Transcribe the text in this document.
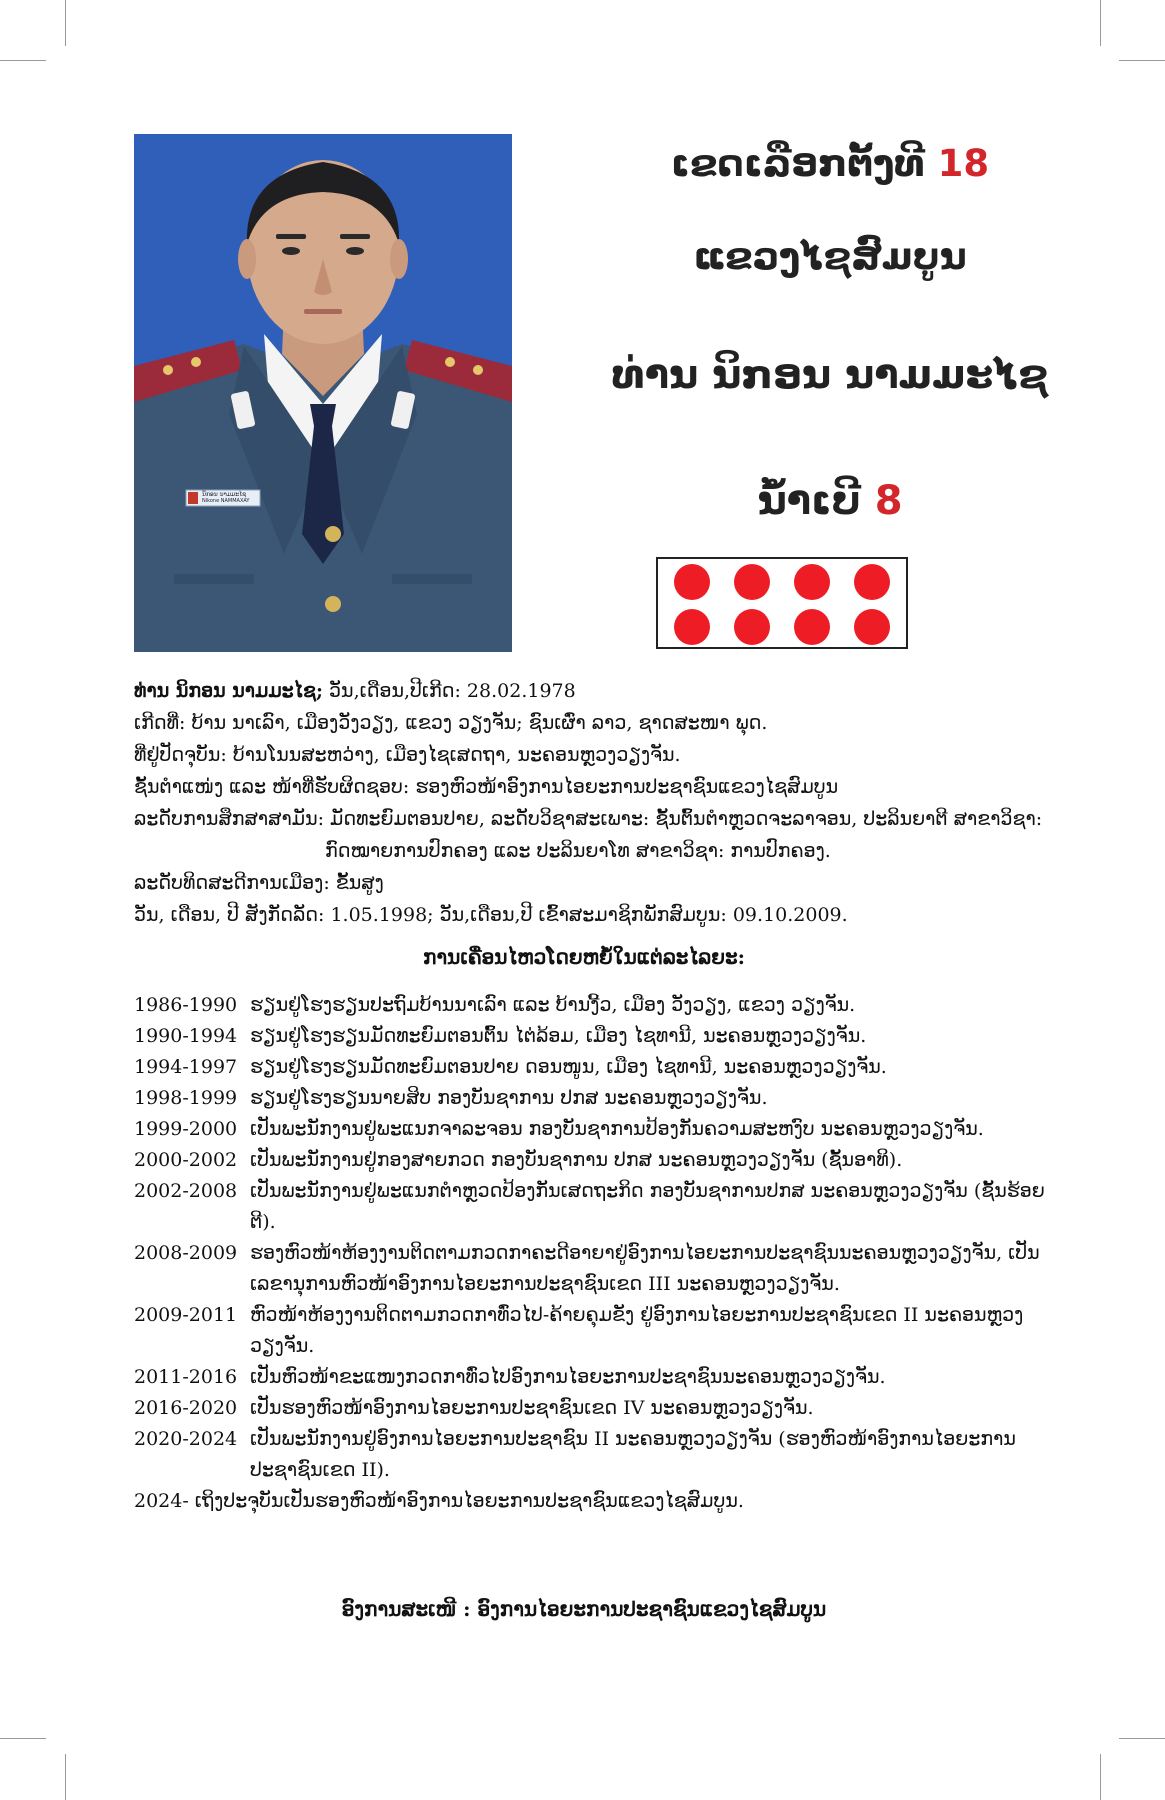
ນິກອນ ນາມມະໄຊ
Nikone NAMMAXAY
ເຂດເລືອກຕັ້ງທີ 18
ແຂວງໄຊສົມບູນ
ທ່ານ ນິກອນ ນາມມະໄຊ
ນ້ຳເບີ 8
ທ່ານ ນິກອນ ນາມມະໄຊ; ວັນ,ເດືອນ,ປີເກີດ: 28.02.1978
ເກີດທີ່: ບ້ານ ນາເລົາ, ເມືອງວັງວຽງ, ແຂວງ ວຽງຈັນ; ຊົນເຜົ່າ ລາວ, ຊາດສະໜາ ພຸດ.
ທີ່ຢູ່ປັດຈຸບັນ: ບ້ານໂນນສະຫວ່າງ, ເມືອງໄຊເສດຖາ, ນະຄອນຫຼວງວຽງຈັນ.
ຊັ້ນຕຳແໜ່ງ ແລະ ໜ້າທີ່ຮັບຜິດຊອບ: ຮອງຫົວໜ້າອົງການໄອຍະການປະຊາຊົນແຂວງໄຊສົມບູນ
ລະດັບການສຶກສາສາມັນ: ມັດທະຍົມຕອນປາຍ, ລະດັບວິຊາສະເພາະ: ຊັ້ນຕົ້ນຕຳຫຼວດຈະລາຈອນ, ປະລິນຍາຕີ ສາຂາວິຊາ:
ກົດໝາຍການປົກຄອງ ແລະ ປະລິນຍາໂທ ສາຂາວິຊາ: ການປົກຄອງ.
ລະດັບທິດສະດີການເມືອງ: ຂັ້ນສູງ
ວັນ, ເດືອນ, ປີ ສັງກັດລັດ: 1.05.1998; ວັນ,ເດືອນ,ປີ ເຂົ້າສະມາຊິກພັກສົມບູນ: 09.10.2009.
ການເຄື່ອນໄຫວໂດຍຫຍໍ້ໃນແຕ່ລະໄລຍະ:
1986-1990 ຮຽນຢູ່ໂຮງຮຽນປະຖົມບ້ານນາເລົາ ແລະ ບ້ານງີ້ວ, ເມືອງ ວັງວຽງ, ແຂວງ ວຽງຈັນ.
1990-1994 ຮຽນຢູ່ໂຮງຮຽນມັດທະຍົມຕອນຕົ້ນ ໄຕ່ລ້ອມ, ເມືອງ ໄຊທານີ, ນະຄອນຫຼວງວຽງຈັນ.
1994-1997 ຮຽນຢູ່ໂຮງຮຽນມັດທະຍົມຕອນປາຍ ດອນໜູນ, ເມືອງ ໄຊທານີ, ນະຄອນຫຼວງວຽງຈັນ.
1998-1999 ຮຽນຢູ່ໂຮງຮຽນນາຍສິບ ກອງບັນຊາການ ປກສ ນະຄອນຫຼວງວຽງຈັນ.
1999-2000 ເປັນພະນັກງານຢູ່ພະແນກຈາລະຈອນ ກອງບັນຊາການປ້ອງກັນຄວາມສະຫງົບ ນະຄອນຫຼວງວຽງຈັນ.
2000-2002 ເປັນພະນັກງານຢູ່ກອງສາຍກວດ ກອງບັນຊາການ ປກສ ນະຄອນຫຼວງວຽງຈັນ (ຊັ້ນອາທິ).
2002-2008 ເປັນພະນັກງານຢູ່ພະແນກຕຳຫຼວດປ້ອງກັນເສດຖະກິດ ກອງບັນຊາການປກສ ນະຄອນຫຼວງວຽງຈັນ (ຊັ້ນຮ້ອຍຕີ).
2008-2009 ຮອງຫົວໜ້າຫ້ອງງານຕິດຕາມກວດກາຄະດີອາຍາຢູ່ອົງການໄອຍະການປະຊາຊົນນະຄອນຫຼວງວຽງຈັນ, ເປັນເລຂານຸການຫົວໜ້າອົງການໄອຍະການປະຊາຊົນເຂດ III ນະຄອນຫຼວງວຽງຈັນ.
2009-2011 ຫົວໜ້າຫ້ອງງານຕິດຕາມກວດກາທົ່ວໄປ-ຄ້າຍຄຸມຂັງ ຢູ່ອົງການໄອຍະການປະຊາຊົນເຂດ II ນະຄອນຫຼວງວຽງຈັນ.
2011-2016 ເປັນຫົວໜ້າຂະແໜງກວດກາທົ່ວໄປອົງການໄອຍະການປະຊາຊົນນະຄອນຫຼວງວຽງຈັນ.
2016-2020 ເປັນຮອງຫົວໜ້າອົງການໄອຍະການປະຊາຊົນເຂດ IV ນະຄອນຫຼວງວຽງຈັນ.
2020-2024 ເປັນພະນັກງານຢູ່ອົງການໄອຍະການປະຊາຊົນ II ນະຄອນຫຼວງວຽງຈັນ (ຮອງຫົວໜ້າອົງການໄອຍະການປະຊາຊົນເຂດ II).
2024- ເຖິງປະຈຸບັນເປັນຮອງຫົວໜ້າອົງການໄອຍະການປະຊາຊົນແຂວງໄຊສົມບູນ.
ອົງການສະເໜີ : ອົງການໄອຍະການປະຊາຊົນແຂວງໄຊສົມບູນ
